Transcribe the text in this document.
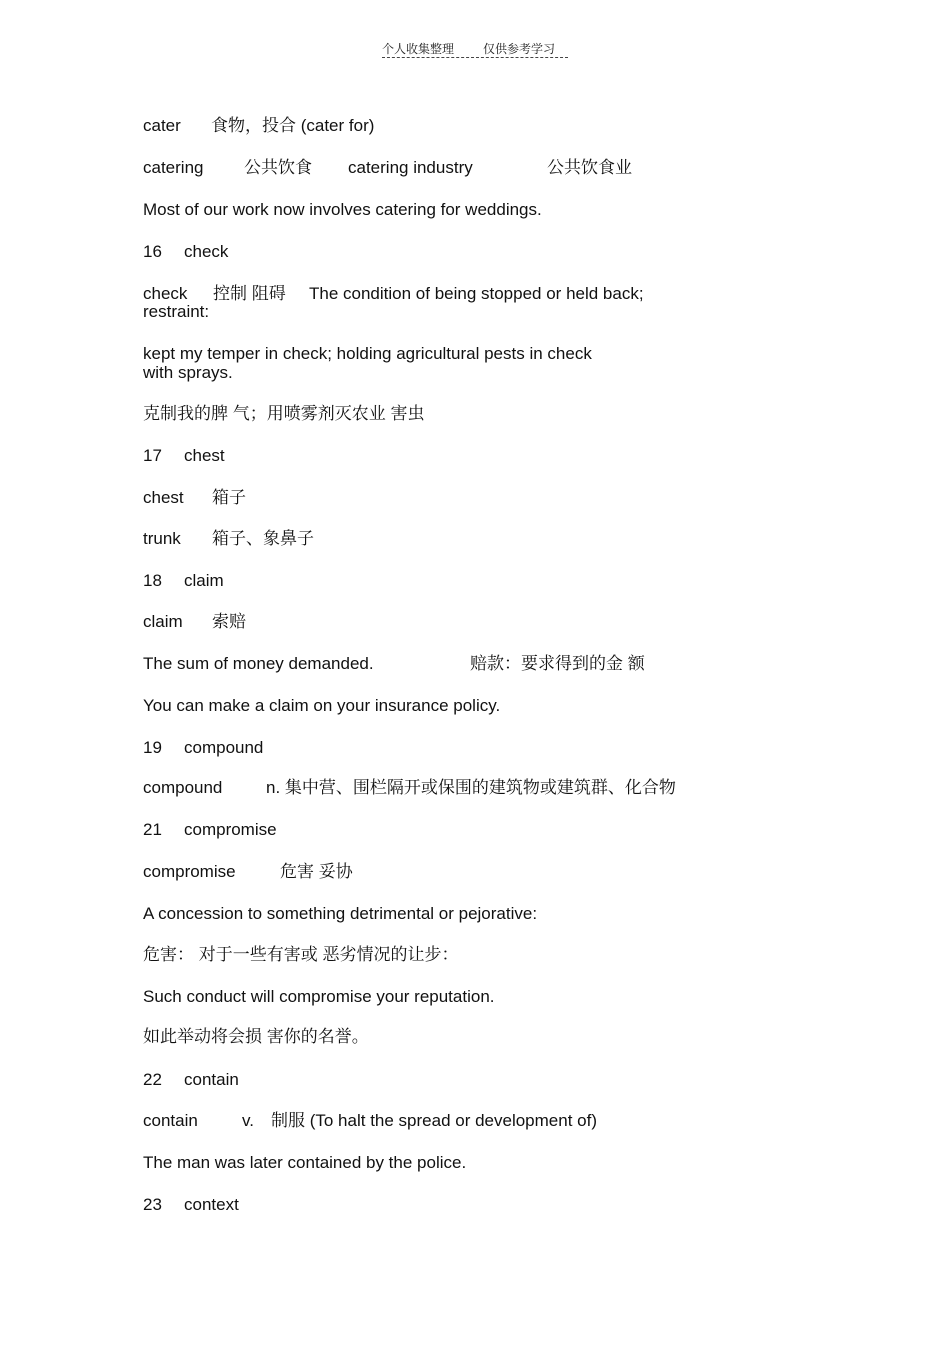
个人收集整理 仅供参考学习
cater 食物，投合 (cater for)
catering 公共饮食 catering industry	公共饮食业
Most of our work now involves catering for weddings.
16 check
check 控制 阻碍 The condition of being stopped or held back;
restraint:
kept my temper in check; holding agricultural pests in check
with sprays.
克制我的脾 气；用喷雾剂灭农业 害虫
17 chest
chest 箱子
trunk 箱子、象鼻子
18 claim
claim 索赔
The sum of money demanded.	赔款：要求得到的金 额
You can make a claim on your insurance policy.
19 compound
compound	n. 集中营、围栏隔开或保围的建筑物或建筑群、化合物
21 compromise
compromise	危害 妥协
A concession to something detrimental or pejorative:
危害： 对于一些有害或 恶劣情况的让步：
Such conduct will compromise your reputation.
如此举动将会损 害你的名誉。
22 contain
contain	v. 制服 (To halt the spread or development of)
The man was later contained by the police.
23 context
